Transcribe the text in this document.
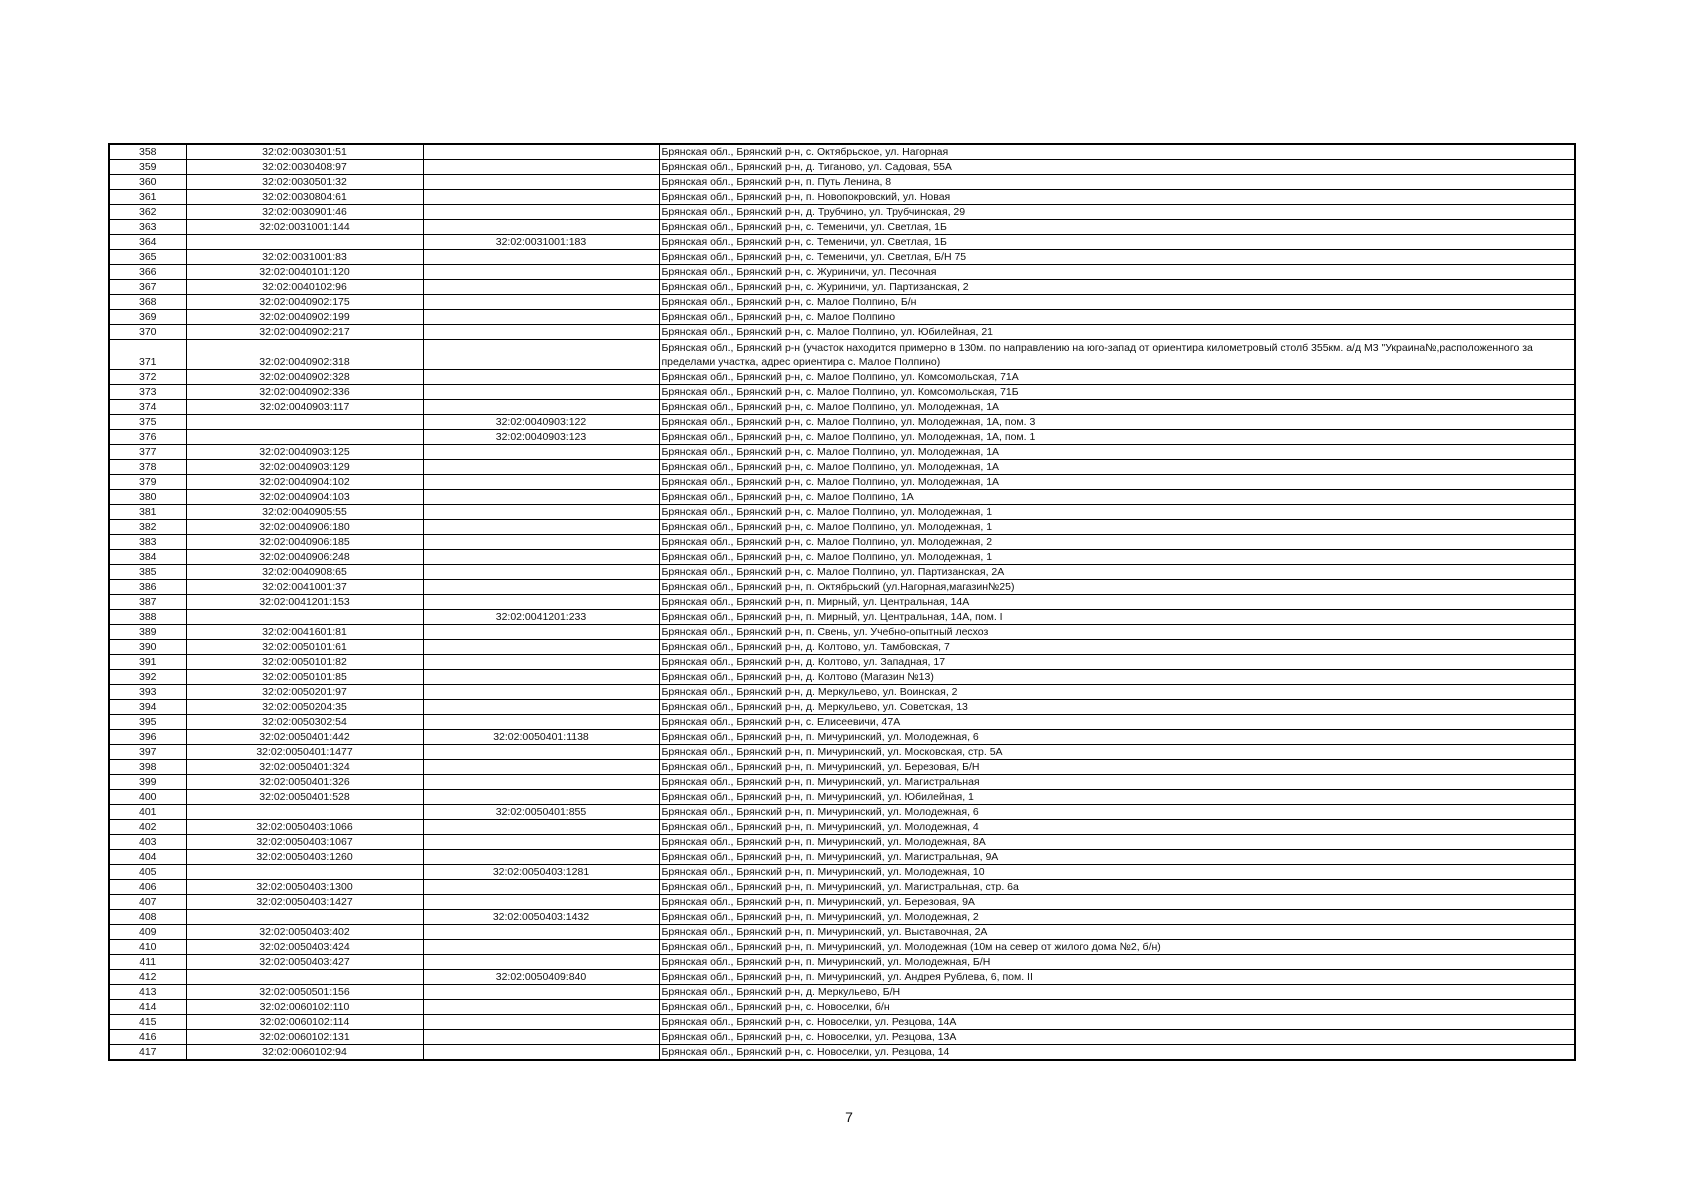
358	32:02:0030301:51		Брянская обл., Брянский р-н, с. Октябрьское, ул. Нагорная
359	32:02:0030408:97		Брянская обл., Брянский р-н, д. Тиганово, ул. Садовая, 55А
360	32:02:0030501:32		Брянская обл., Брянский р-н, п. Путь Ленина, 8
361	32:02:0030804:61		Брянская обл., Брянский р-н, п. Новопокровский, ул. Новая
362	32:02:0030901:46		Брянская обл., Брянский р-н, д. Трубчино, ул. Трубчинская, 29
363	32:02:0031001:144		Брянская обл., Брянский р-н, с. Теменичи, ул. Светлая, 1Б
364		32:02:0031001:183	Брянская обл., Брянский р-н, с. Теменичи, ул. Светлая, 1Б
365	32:02:0031001:83		Брянская обл., Брянский р-н, с. Теменичи, ул. Светлая, Б/Н 75
366	32:02:0040101:120		Брянская обл., Брянский р-н, с. Журиничи, ул. Песочная
367	32:02:0040102:96		Брянская обл., Брянский р-н, с. Журиничи, ул. Партизанская, 2
368	32:02:0040902:175		Брянская обл., Брянский р-н, с. Малое Полпино, Б/н
369	32:02:0040902:199		Брянская обл., Брянский р-н, с. Малое Полпино
370	32:02:0040902:217		Брянская обл., Брянский р-н, с. Малое Полпино, ул. Юбилейная, 21
371	32:02:0040902:318		Брянская обл., Брянский р-н (участок находится примерно в 130м. по направлению на юго-запад от ориентира километровый столб 355км. а/д М3 "Украина№,расположенного за пределами участка, адрес ориентира с. Малое Полпино)
372	32:02:0040902:328		Брянская обл., Брянский р-н, с. Малое Полпино, ул. Комсомольская, 71А
373	32:02:0040902:336		Брянская обл., Брянский р-н, с. Малое Полпино, ул. Комсомольская, 71Б
374	32:02:0040903:117		Брянская обл., Брянский р-н, с. Малое Полпино, ул. Молодежная, 1А
375		32:02:0040903:122	Брянская обл., Брянский р-н, с. Малое Полпино, ул. Молодежная, 1А, пом. 3
376		32:02:0040903:123	Брянская обл., Брянский р-н, с. Малое Полпино, ул. Молодежная, 1А, пом. 1
377	32:02:0040903:125		Брянская обл., Брянский р-н, с. Малое Полпино, ул. Молодежная, 1А
378	32:02:0040903:129		Брянская обл., Брянский р-н, с. Малое Полпино, ул. Молодежная, 1А
379	32:02:0040904:102		Брянская обл., Брянский р-н, с. Малое Полпино, ул. Молодежная, 1А
380	32:02:0040904:103		Брянская обл., Брянский р-н, с. Малое Полпино, 1А
381	32:02:0040905:55		Брянская обл., Брянский р-н, с. Малое Полпино, ул. Молодежная, 1
382	32:02:0040906:180		Брянская обл., Брянский р-н, с. Малое Полпино, ул. Молодежная, 1
383	32:02:0040906:185		Брянская обл., Брянский р-н, с. Малое Полпино, ул. Молодежная, 2
384	32:02:0040906:248		Брянская обл., Брянский р-н, с. Малое Полпино, ул. Молодежная, 1
385	32:02:0040908:65		Брянская обл., Брянский р-н, с. Малое Полпино, ул. Партизанская, 2А
386	32:02:0041001:37		Брянская обл., Брянский р-н, п. Октябрьский (ул.Нагорная,магазин№25)
387	32:02:0041201:153		Брянская обл., Брянский р-н, п. Мирный, ул. Центральная, 14А
388		32:02:0041201:233	Брянская обл., Брянский р-н, п. Мирный, ул. Центральная, 14А, пом. I
389	32:02:0041601:81		Брянская обл., Брянский р-н, п. Свень, ул. Учебно-опытный лесхоз
390	32:02:0050101:61		Брянская обл., Брянский р-н, д. Колтово, ул. Тамбовская, 7
391	32:02:0050101:82		Брянская обл., Брянский р-н, д. Колтово, ул. Западная, 17
392	32:02:0050101:85		Брянская обл., Брянский р-н, д. Колтово (Магазин №13)
393	32:02:0050201:97		Брянская обл., Брянский р-н, д. Меркульево, ул. Воинская, 2
394	32:02:0050204:35		Брянская обл., Брянский р-н, д. Меркульево, ул. Советская, 13
395	32:02:0050302:54		Брянская обл., Брянский р-н, с. Елисеевичи, 47А
396	32:02:0050401:442	32:02:0050401:1138	Брянская обл., Брянский р-н, п. Мичуринский, ул. Молодежная, 6
397	32:02:0050401:1477		Брянская обл., Брянский р-н, п. Мичуринский, ул. Московская, стр. 5А
398	32:02:0050401:324		Брянская обл., Брянский р-н, п. Мичуринский, ул. Березовая, Б/Н
399	32:02:0050401:326		Брянская обл., Брянский р-н, п. Мичуринский, ул. Магистральная
400	32:02:0050401:528		Брянская обл., Брянский р-н, п. Мичуринский, ул. Юбилейная, 1
401		32:02:0050401:855	Брянская обл., Брянский р-н, п. Мичуринский, ул. Молодежная, 6
402	32:02:0050403:1066		Брянская обл., Брянский р-н, п. Мичуринский, ул. Молодежная, 4
403	32:02:0050403:1067		Брянская обл., Брянский р-н, п. Мичуринский, ул. Молодежная, 8А
404	32:02:0050403:1260		Брянская обл., Брянский р-н, п. Мичуринский, ул. Магистральная, 9А
405		32:02:0050403:1281	Брянская обл., Брянский р-н, п. Мичуринский, ул. Молодежная, 10
406	32:02:0050403:1300		Брянская обл., Брянский р-н, п. Мичуринский, ул. Магистральная, стр. 6а
407	32:02:0050403:1427		Брянская обл., Брянский р-н, п. Мичуринский, ул. Березовая, 9А
408		32:02:0050403:1432	Брянская обл., Брянский р-н, п. Мичуринский, ул. Молодежная, 2
409	32:02:0050403:402		Брянская обл., Брянский р-н, п. Мичуринский, ул. Выставочная, 2А
410	32:02:0050403:424		Брянская обл., Брянский р-н, п. Мичуринский, ул. Молодежная (10м на север от жилого дома №2, б/н)
411	32:02:0050403:427		Брянская обл., Брянский р-н, п. Мичуринский, ул. Молодежная, Б/Н
412		32:02:0050409:840	Брянская обл., Брянский р-н, п. Мичуринский, ул. Андрея Рублева, 6, пом. II
413	32:02:0050501:156		Брянская обл., Брянский р-н, д. Меркульево, Б/Н
414	32:02:0060102:110		Брянская обл., Брянский р-н, с. Новоселки, б/н
415	32:02:0060102:114		Брянская обл., Брянский р-н, с. Новоселки, ул. Резцова, 14А
416	32:02:0060102:131		Брянская обл., Брянский р-н, с. Новоселки, ул. Резцова, 13А
417	32:02:0060102:94		Брянская обл., Брянский р-н, с. Новоселки, ул. Резцова, 14
7
